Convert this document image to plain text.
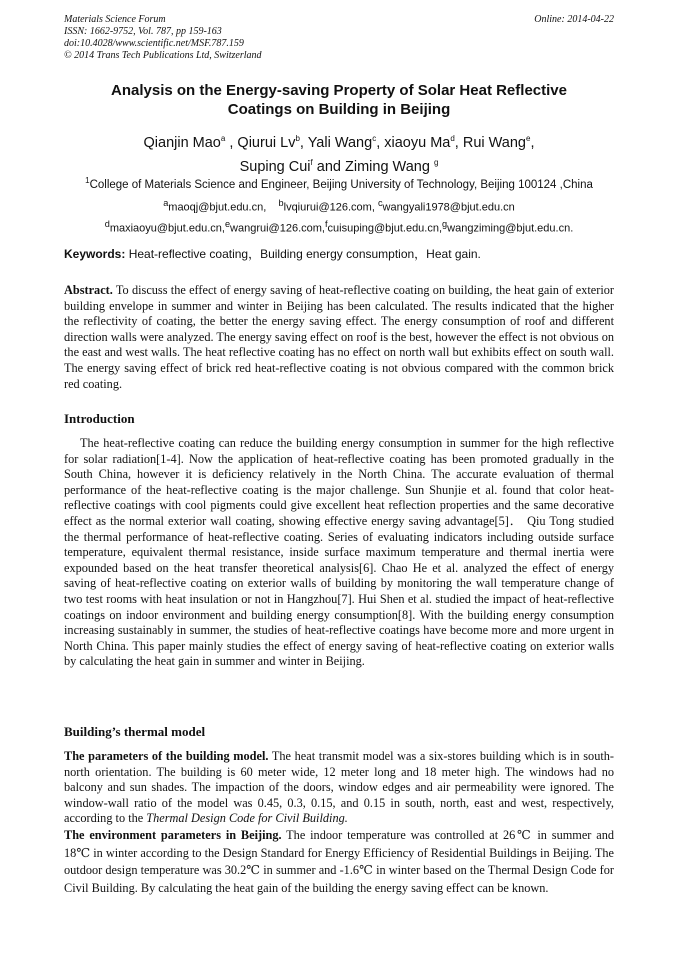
Materials Science Forum
ISSN: 1662-9752, Vol. 787, pp 159-163
doi:10.4028/www.scientific.net/MSF.787.159
© 2014 Trans Tech Publications Ltd, Switzerland
Online: 2014-04-22
Analysis on the Energy-saving Property of Solar Heat Reflective
Coatings on Building in Beijing
Qianjin Mao$^a$ , Qiurui Lv$^b$, Yali Wang$^c$, xiaoyu Ma$^d$, Rui Wang$^e$,
Suping Cui$^f$ and Ziming Wang $^g$
$^1$College of Materials Science and Engineer, Beijing University of Technology, Beijing 100124 ,China
$^a$maoqj@bjut.edu.cn, $^b$lvqiurui@126.com, $^c$wangyali1978@bjut.edu.cn
$^d$maxiaoyu@bjut.edu.cn,$^e$wangrui@126.com,$^f$cuisuping@bjut.edu.cn,$^g$wangziming@bjut.edu.cn.
Keywords: Heat-reflective coating，Building energy consumption，Heat gain.
Abstract. To discuss the effect of energy saving of heat-reflective coating on building, the heat gain of exterior building envelope in summer and winter in Beijing has been calculated. The results indicated that the higher the reflectivity of coating, the better the energy saving effect. The energy consumption of roof and different direction walls were analyzed. The energy saving effect on roof is the best, however the effect is not obvious on the east and west walls. The heat reflective coating has no effect on north wall but exhibits effect on south wall. The energy saving effect of brick red heat-reflective coating is not obvious compared with the common brick red coating.
Introduction
The heat-reflective coating can reduce the building energy consumption in summer for the high reflective for solar radiation[1-4]. Now the application of heat-reflective coating has been promoted gradually in the South China, however it is deficiency relatively in the North China. The accurate evaluation of thermal performance of the heat-reflective coating is the major challenge. Sun Shunjie et al. found that color heat-reflective coatings with cool pigments could give excellent heat reflection properties and the same decorative effect as the normal exterior wall coating, showing effective energy saving advantage[5]． Qiu Tong studied the thermal performance of heat-reflective coating. Series of evaluating indicators including outside surface temperature, equivalent thermal resistance, inside surface maximum temperature and thermal inertia were expounded based on the heat transfer theoretical analysis[6]. Chao He et al. analyzed the effect of energy saving of heat-reflective coating on exterior walls of building by monitoring the wall temperature change of two test rooms with heat insulation or not in Hangzhou[7]. Hui Shen et al. studied the impact of heat-reflective coatings on indoor environment and building energy consumption[8]. With the building energy consumption increasing sustainably in summer, the studies of heat-reflective coatings have become more and more urgent in North China. This paper mainly studies the effect of energy saving of heat-reflective coating on exterior walls by calculating the heat gain in summer and winter in Beijing.
Building’s thermal model
The parameters of the building model. The heat transmit model was a six-stores building which is in south-north orientation. The building is 60 meter wide, 12 meter long and 18 meter high. The windows had no balcony and sun shades. The impaction of the doors, window edges and air permeability were ignored. The window-wall ratio of the model was 0.45, 0.3, 0.15, and 0.15 in south, north, east and west, respectively, according to the Thermal Design Code for Civil Building.
The environment parameters in Beijing. The indoor temperature was controlled at 26℃ in summer and 18℃ in winter according to the Design Standard for Energy Efficiency of Residential Buildings in Beijing. The outdoor design temperature was 30.2℃ in summer and -1.6℃ in winter based on the Thermal Design Code for Civil Building. By calculating the heat gain of the building the energy saving effect can be known.
